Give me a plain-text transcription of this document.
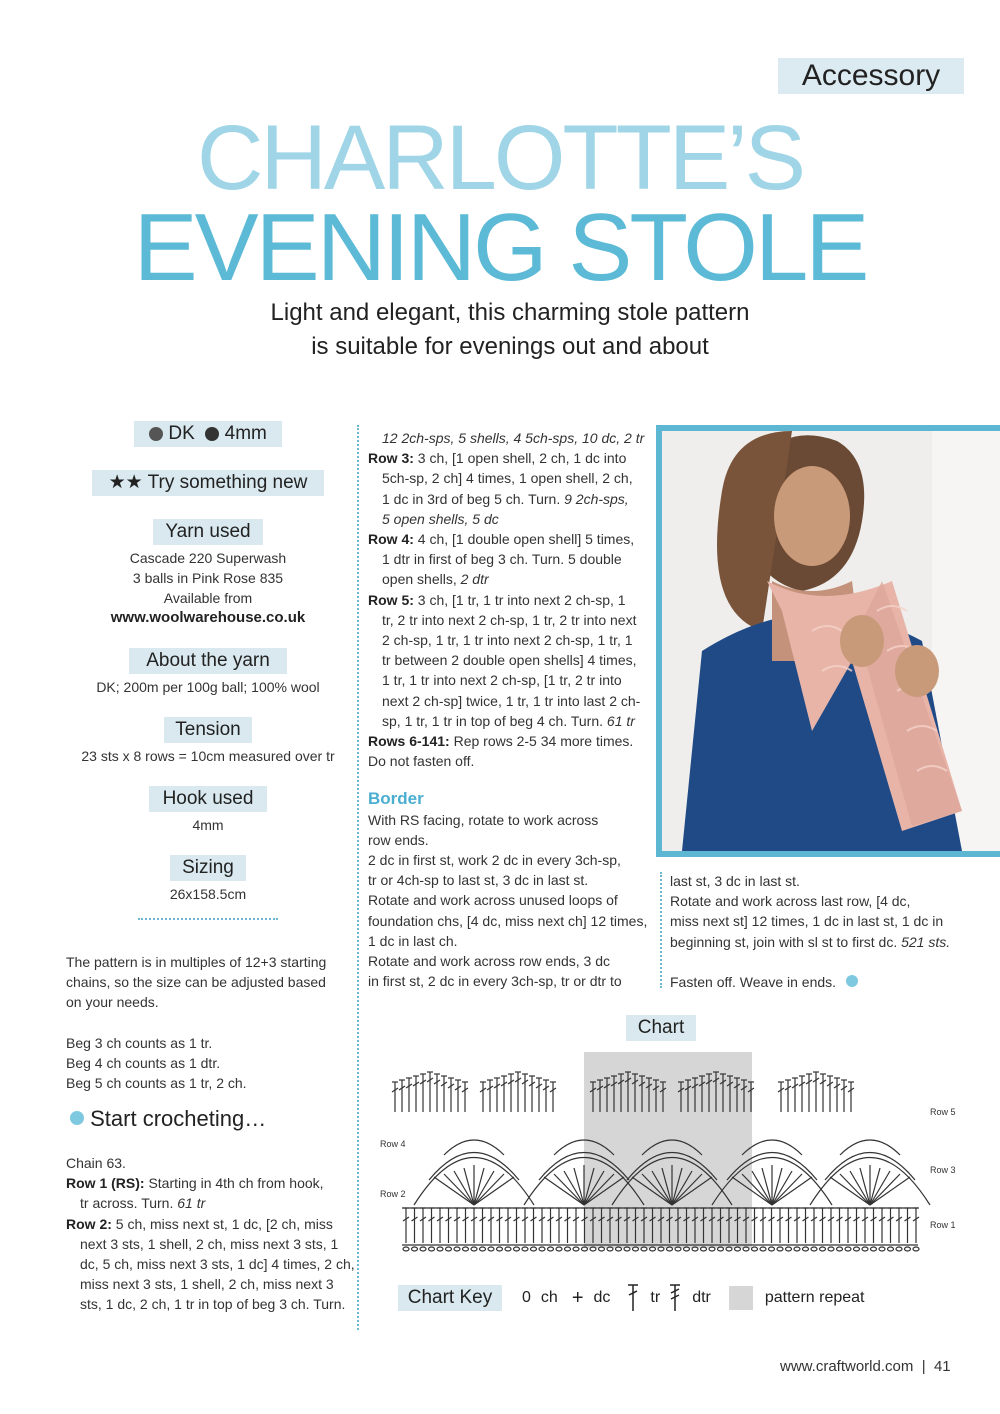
Accessory
CHARLOTTE’S
EVENING STOLE
Light and elegant, this charming stole pattern
is suitable for evenings out and about
DK 4mm
★★ Try something new
Yarn used
Cascade 220 Superwash
3 balls in Pink Rose 835
Available from
www.woolwarehouse.co.uk
About the yarn
DK; 200m per 100g ball; 100% wool
Tension
23 sts x 8 rows = 10cm measured over tr
Hook used
4mm
Sizing
26x158.5cm
The pattern is in multiples of 12+3 starting
chains, so the size can be adjusted based
on your needs.
Beg 3 ch counts as 1 tr.
Beg 4 ch counts as 1 dtr.
Beg 5 ch counts as 1 tr, 2 ch.
Start crocheting…
Chain 63.
Row 1 (RS): Starting in 4th ch from hook,
tr across. Turn. 61 tr
Row 2: 5 ch, miss next st, 1 dc, [2 ch, miss
next 3 sts, 1 shell, 2 ch, miss next 3 sts, 1
dc, 5 ch, miss next 3 sts, 1 dc] 4 times, 2 ch,
miss next 3 sts, 1 shell, 2 ch, miss next 3
sts, 1 dc, 2 ch, 1 tr in top of beg 3 ch. Turn.
12 2ch-sps, 5 shells, 4 5ch-sps, 10 dc, 2 tr
Row 3: 3 ch, [1 open shell, 2 ch, 1 dc into
5ch-sp, 2 ch] 4 times, 1 open shell, 2 ch,
1 dc in 3rd of beg 5 ch. Turn. 9 2ch-sps,
5 open shells, 5 dc
Row 4: 4 ch, [1 double open shell] 5 times,
1 dtr in first of beg 3 ch. Turn. 5 double
open shells, 2 dtr
Row 5: 3 ch, [1 tr, 1 tr into next 2 ch-sp, 1
tr, 2 tr into next 2 ch-sp, 1 tr, 2 tr into next
2 ch-sp, 1 tr, 1 tr into next 2 ch-sp, 1 tr, 1
tr between 2 double open shells] 4 times,
1 tr, 1 tr into next 2 ch-sp, [1 tr, 2 tr into
next 2 ch-sp] twice, 1 tr, 1 tr into last 2 ch-
sp, 1 tr, 1 tr in top of beg 4 ch. Turn. 61 tr
Rows 6-141: Rep rows 2-5 34 more times.
Do not fasten off.
Border
With RS facing, rotate to work across
row ends.
2 dc in first st, work 2 dc in every 3ch-sp,
tr or 4ch-sp to last st, 3 dc in last st.
Rotate and work across unused loops of
foundation chs, [4 dc, miss next ch] 12 times,
1 dc in last ch.
Rotate and work across row ends, 3 dc
in first st, 2 dc in every 3ch-sp, tr or dtr to
last st, 3 dc in last st.
Rotate and work across last row, [4 dc,
miss next st] 12 times, 1 dc in last st, 1 dc in
beginning st, join with sl st to first dc. 521 sts.
Fasten off. Weave in ends.
Chart
Row 4
Row 2
Row 5
Row 3
Row 1
Chart Key	0 ch + dc	tr dtr	pattern repeat
www.craftworld.com | 41
